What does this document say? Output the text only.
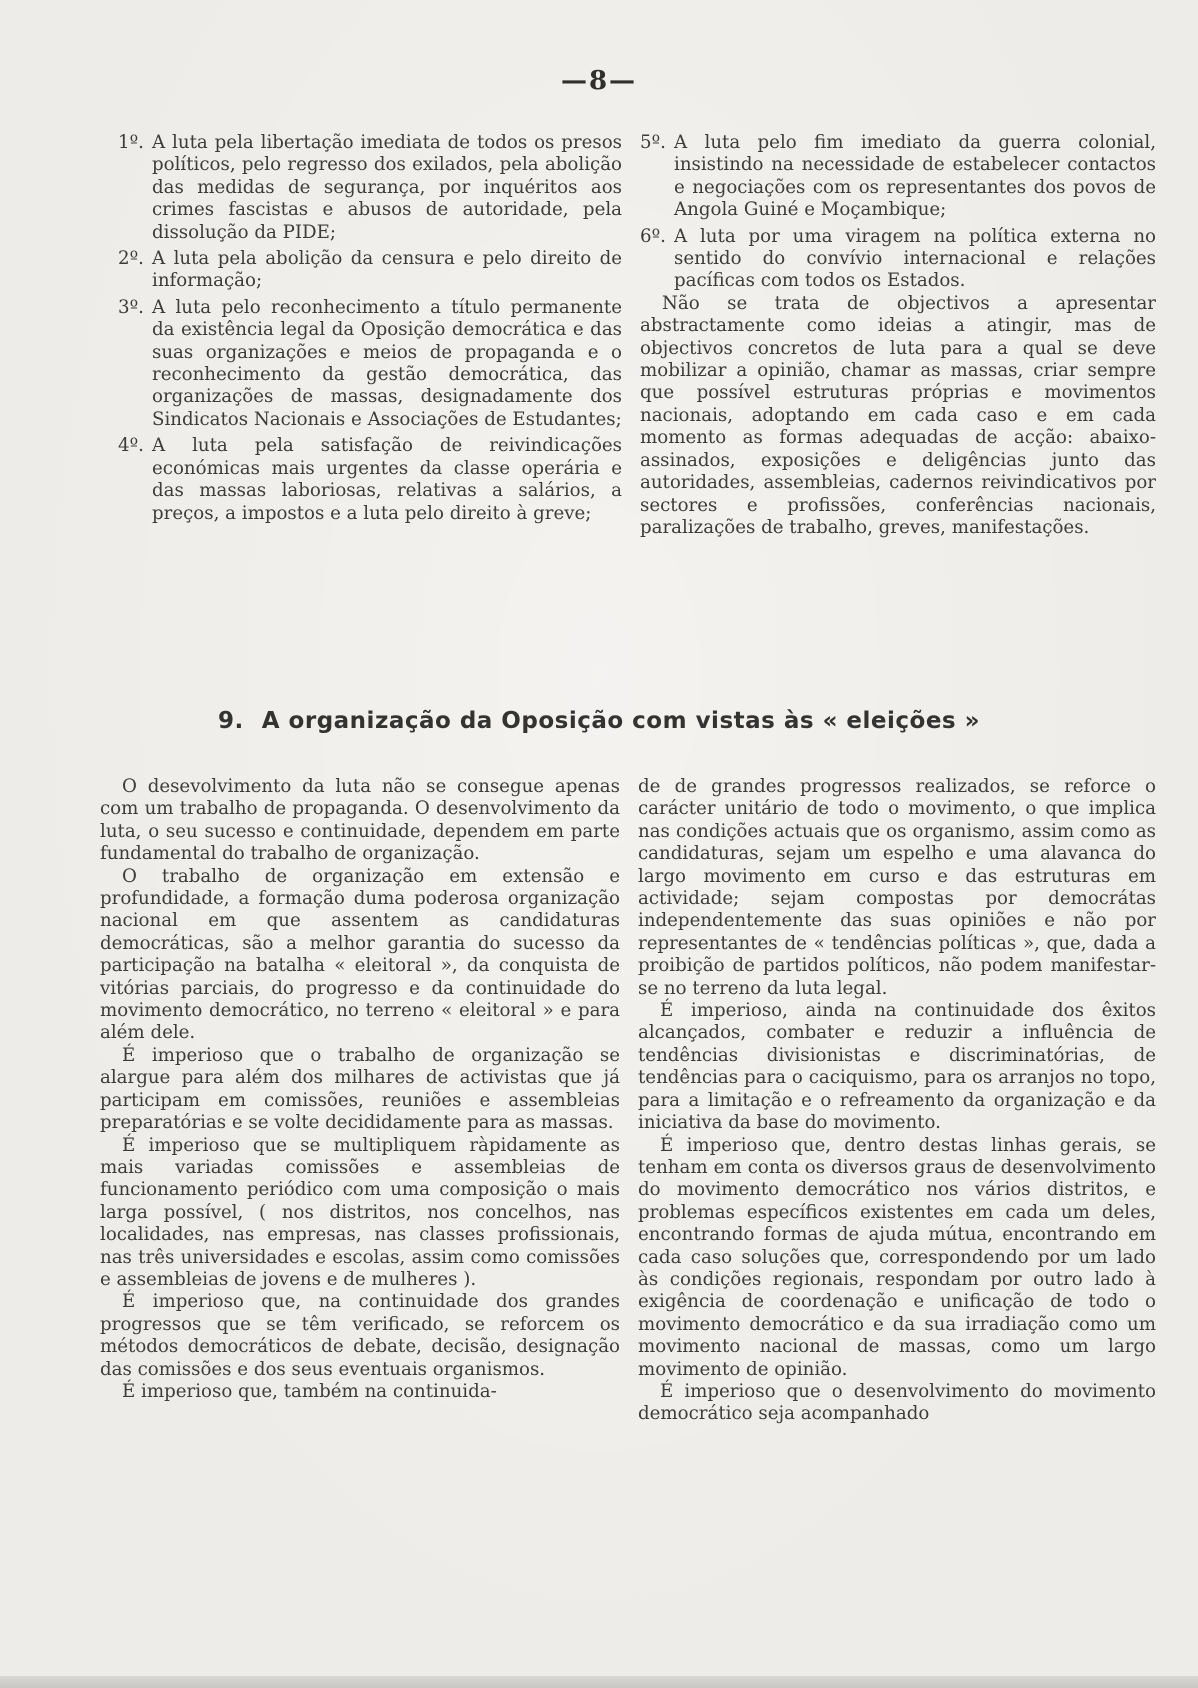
—8—
1º. A luta pela libertação imediata de todos os presos políticos, pelo regresso dos exilados, pela abolição das medidas de segurança, por inquéritos aos crimes fascistas e abusos de autoridade, pela dissolução da PIDE;
2º. A luta pela abolição da censura e pelo direito de informação;
3º. A luta pelo reconhecimento a título permanente da existência legal da Oposição democrática e das suas organizações e meios de propaganda e o reconhecimento da gestão democrática, das organizações de massas, designadamente dos Sindicatos Nacionais e Associações de Estudantes;
4º. A luta pela satisfação de reivindicações económicas mais urgentes da classe operária e das massas laboriosas, relativas a salários, a preços, a impostos e a luta pelo direito à greve;
5º. A luta pelo fim imediato da guerra colonial, insistindo na necessidade de estabelecer contactos e negociações com os representantes dos povos de Angola Guiné e Moçambique;
6º. A luta por uma viragem na política externa no sentido do convívio internacional e relações pacíficas com todos os Estados.

Não se trata de objectivos a apresentar abstractamente como ideias a atingir, mas de objectivos concretos de luta para a qual se deve mobilizar a opinião, chamar as massas, criar sempre que possível estruturas próprias e movimentos nacionais, adoptando em cada caso e em cada momento as formas adequadas de acção: abaixo-assinados, exposições e deligências junto das autoridades, assembleias, cadernos reivindicativos por sectores e profissões, conferências nacionais, paralizações de trabalho, greves, manifestações.

9. A organização da Oposição com vistas às « eleições »

O desevolvimento da luta não se consegue apenas com um trabalho de propaganda. O desenvolvimento da luta, o seu sucesso e continuidade, dependem em parte fundamental do trabalho de organização.

O trabalho de organização em extensão e profundidade, a formação duma poderosa organização nacional em que assentem as candidaturas democráticas, são a melhor garantia do sucesso da participação na batalha « eleitoral », da conquista de vitórias parciais, do progresso e da continuidade do movimento democrático, no terreno « eleitoral » e para além dele.

É imperioso que o trabalho de organização se alargue para além dos milhares de activistas que já participam em comissões, reuniões e assembleias preparatórias e se volte decididamente para as massas.

É imperioso que se multipliquem ràpidamente as mais variadas comissões e assembleias de funcionamento periódico com uma composição o mais larga possível, ( nos distritos, nos concelhos, nas localidades, nas empresas, nas classes profissionais, nas três universidades e escolas, assim como comissões e assembleias de jovens e de mulheres ).

É imperioso que, na continuidade dos grandes progressos que se têm verificado, se reforcem os métodos democráticos de debate, decisão, designação das comissões e dos seus eventuais organismos.

É imperioso que, também na continuida-

de de grandes progressos realizados, se reforce o carácter unitário de todo o movimento, o que implica nas condições actuais que os organismo, assim como as candidaturas, sejam um espelho e uma alavanca do largo movimento em curso e das estruturas em actividade; sejam compostas por democrátas independentemente das suas opiniões e não por representantes de « tendências políticas », que, dada a proibição de partidos políticos, não podem manifestar-se no terreno da luta legal.

É imperioso, ainda na continuidade dos êxitos alcançados, combater e reduzir a influência de tendências divisionistas e discriminatórias, de tendências para o caciquismo, para os arranjos no topo, para a limitação e o refreamento da organização e da iniciativa da base do movimento.

É imperioso que, dentro destas linhas gerais, se tenham em conta os diversos graus de desenvolvimento do movimento democrático nos vários distritos, e problemas específicos existentes em cada um deles, encontrando formas de ajuda mútua, encontrando em cada caso soluções que, correspondendo por um lado às condições regionais, respondam por outro lado à exigência de coordenação e unificação de todo o movimento democrático e da sua irradiação como um movimento nacional de massas, como um largo movimento de opinião.

É imperioso que o desenvolvimento do movimento democrático seja acompanhado
